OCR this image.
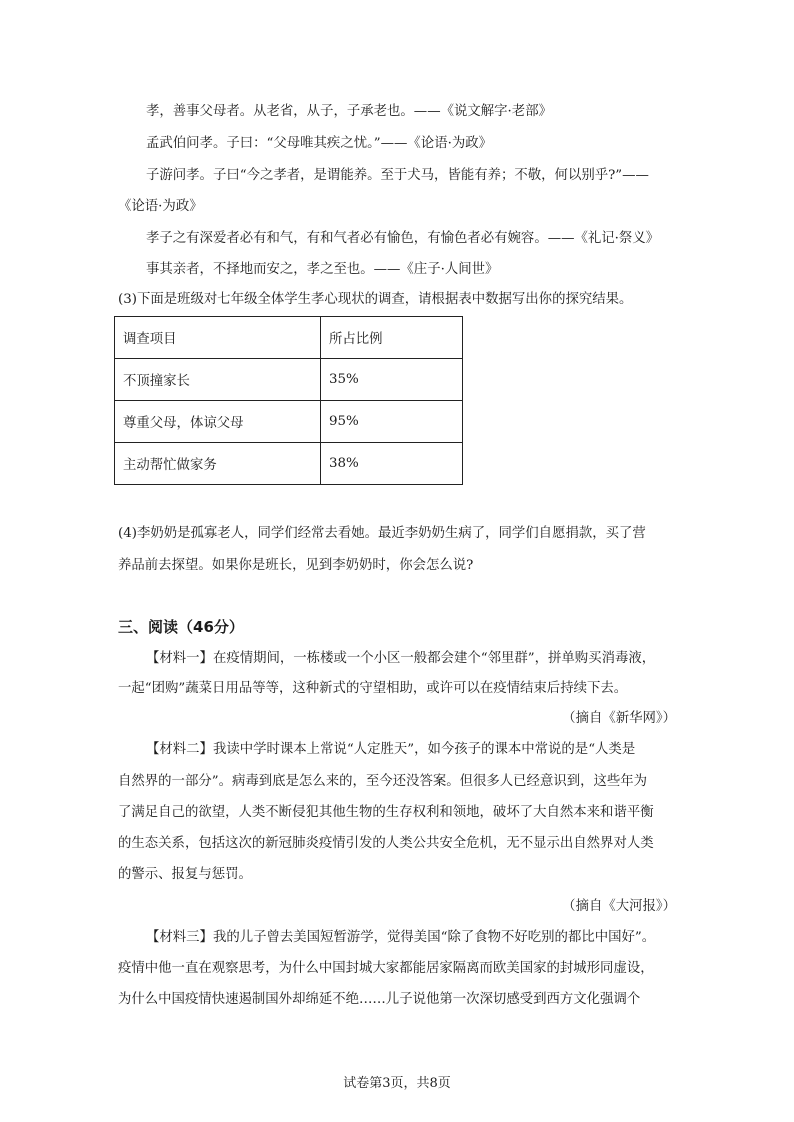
孝，善事父母者。从老省，从子，子承老也。——《说文解字·老部》
孟武伯问孝。子曰：“父母唯其疾之忧。”——《论语·为政》
子游问孝。子曰“今之孝者，是谓能养。至于犬马，皆能有养；不敬，何以别乎?”——
《论语·为政》
孝子之有深爱者必有和气，有和气者必有愉色，有愉色者必有婉容。——《礼记·祭义》
事其亲者，不择地而安之，孝之至也。——《庄子·人间世》
(3)下面是班级对七年级全体学生孝心现状的调查，请根据表中数据写出你的探究结果。
调查项目	所占比例
不顶撞家长	35%
尊重父母，体谅父母	95%
主动帮忙做家务	38%
(4)李奶奶是孤寡老人，同学们经常去看她。最近李奶奶生病了，同学们自愿捐款，买了营
养品前去探望。如果你是班长，见到李奶奶时，你会怎么说?
三、阅读（46分）
【材料一】在疫情期间，一栋楼或一个小区一般都会建个“邻里群”，拼单购买消毒液，
一起“团购”蔬菜日用品等等，这种新式的守望相助，或许可以在疫情结束后持续下去。
（摘自《新华网》）
【材料二】我读中学时课本上常说“人定胜天”，如今孩子的课本中常说的是“人类是
自然界的一部分”。病毒到底是怎么来的，至今还没答案。但很多人已经意识到，这些年为
了满足自己的欲望，人类不断侵犯其他生物的生存权利和领地，破坏了大自然本来和谐平衡
的生态关系，包括这次的新冠肺炎疫情引发的人类公共安全危机，无不显示出自然界对人类
的警示、报复与惩罚。
（摘自《大河报》）
【材料三】我的儿子曾去美国短暂游学，觉得美国“除了食物不好吃别的都比中国好”。
疫情中他一直在观察思考，为什么中国封城大家都能居家隔离而欧美国家的封城形同虚设，
为什么中国疫情快速遏制国外却绵延不绝……儿子说他第一次深切感受到西方文化强调个
试卷第3页，共8页
